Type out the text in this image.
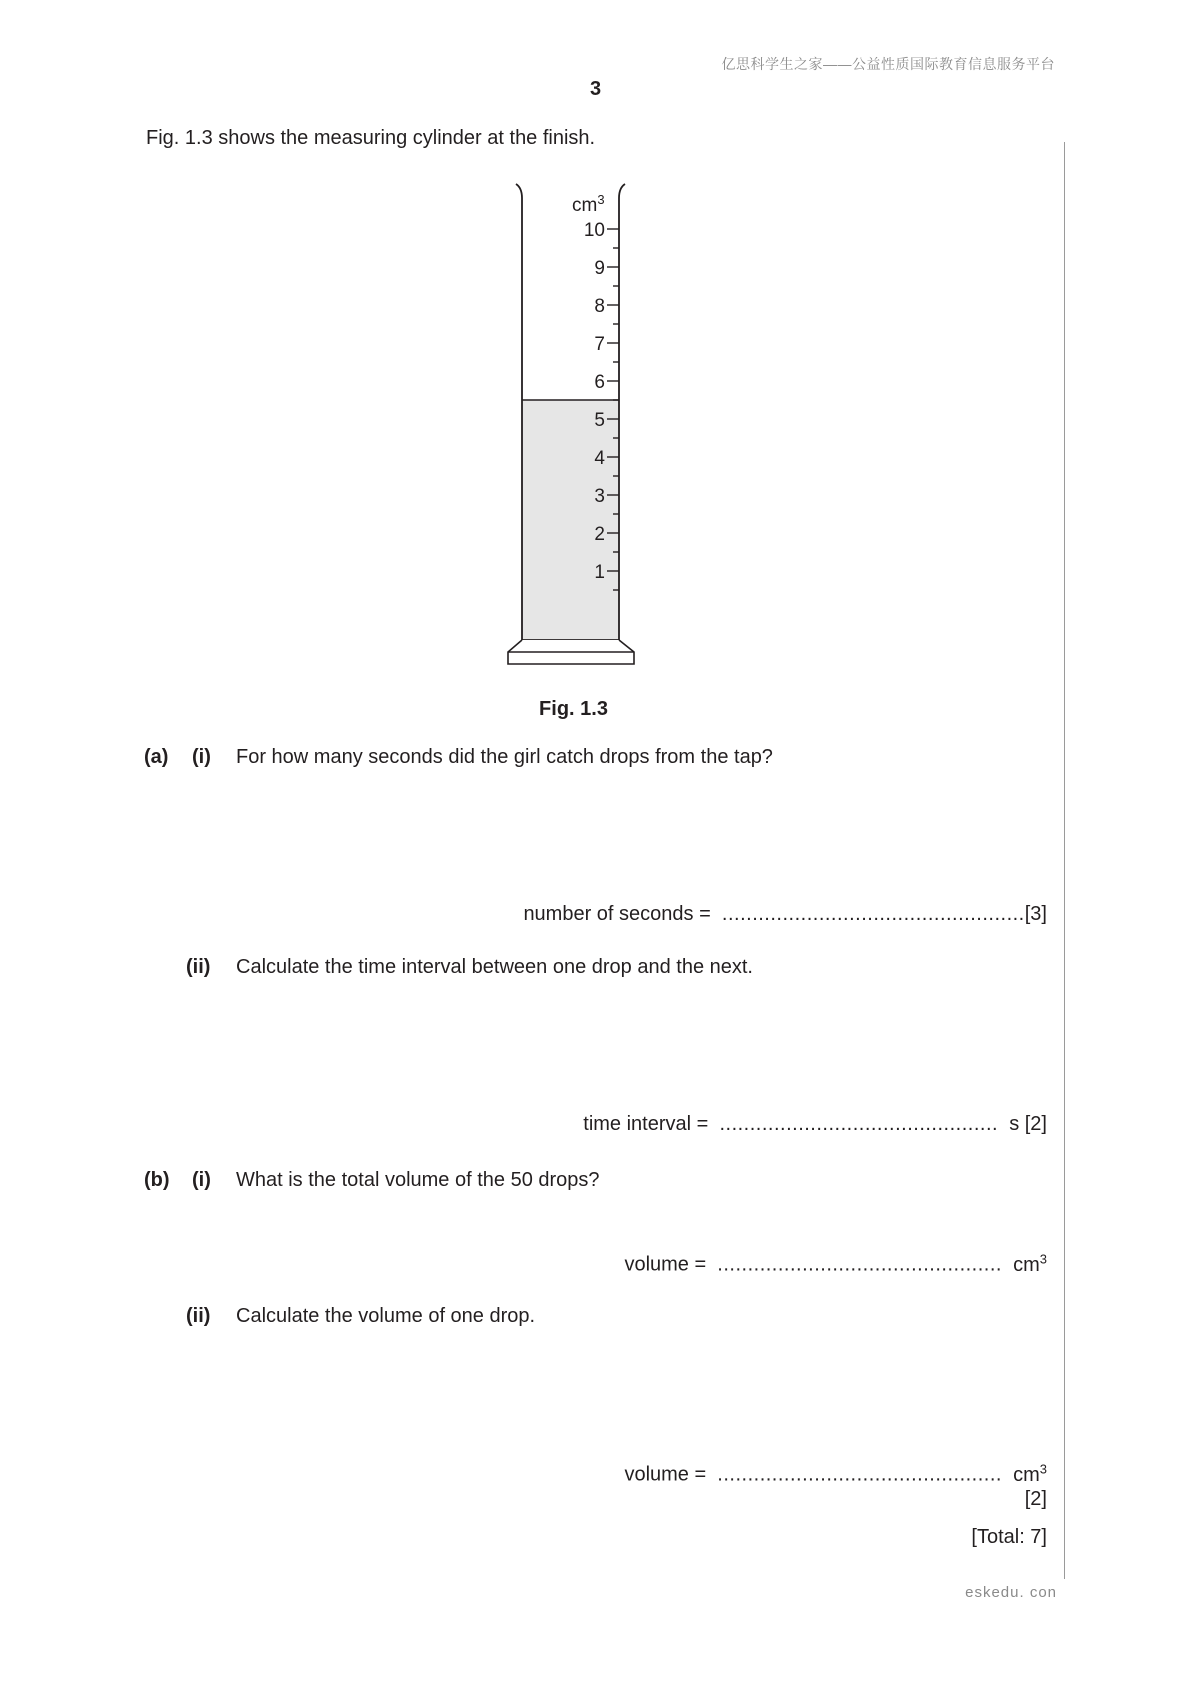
亿思科学生之家——公益性质国际教育信息服务平台
3
Fig. 1.3 shows the measuring cylinder at the finish.
$cm^3$
10
9
8
7
6
5
4
3
2
1
Fig. 1.3
(a) (i) For how many seconds did the girl catch drops from the tap?
number of seconds = ..................................................[3]
(ii) Calculate the time interval between one drop and the next.
time interval = .............................................. s [2]
(b) (i) What is the total volume of the 50 drops?
volume = ............................................... $cm^3$
(ii) Calculate the volume of one drop.
volume = ............................................... $cm^3$
[2]
[Total: 7]
eskedu. con
